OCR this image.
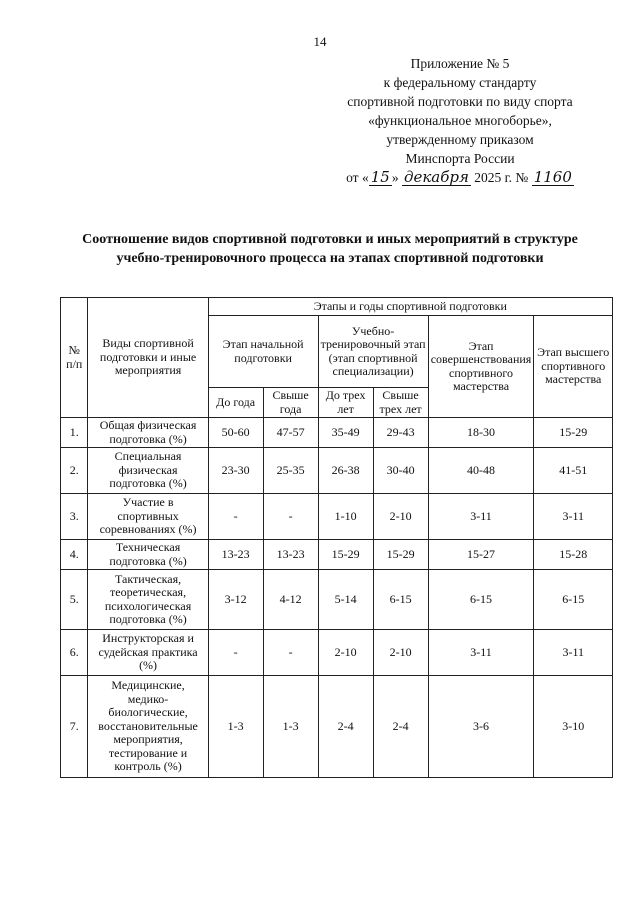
14
Приложение № 5
к федеральному стандарту
спортивной подготовки по виду спорта
«функциональное многоборье»,
утвержденному приказом
Минспорта России
от « 15 » декабря 2025 г. № 1160
Соотношение видов спортивной подготовки и иных мероприятий в структуре
учебно-тренировочного процесса на этапах спортивной подготовки
№ п/п	Виды спортивной подготовки и иные мероприятия	Этапы и годы спортивной подготовки					
		Этап начальной подготовки		Учебно-тренировочный этап (этап спортивной специализации)		Этап совершенствования спортивного мастерства	Этап высшего спортивного мастерства
		До года	Свыше года	До трех лет	Свыше трех лет		
1.	Общая физическая подготовка (%)	50-60	47-57	35-49	29-43	18-30	15-29
2.	Специальная физическая подготовка (%)	23-30	25-35	26-38	30-40	40-48	41-51
3.	Участие в спортивных соревнованиях (%)	-	-	1-10	2-10	3-11	3-11
4.	Техническая подготовка (%)	13-23	13-23	15-29	15-29	15-27	15-28
5.	Тактическая, теоретическая, психологическая подготовка (%)	3-12	4-12	5-14	6-15	6-15	6-15
6.	Инструкторская и судейская практика (%)	-	-	2-10	2-10	3-11	3-11
7.	Медицинские, медико-биологические, восстановительные мероприятия, тестирование и контроль (%)	1-3	1-3	2-4	2-4	3-6	3-10
